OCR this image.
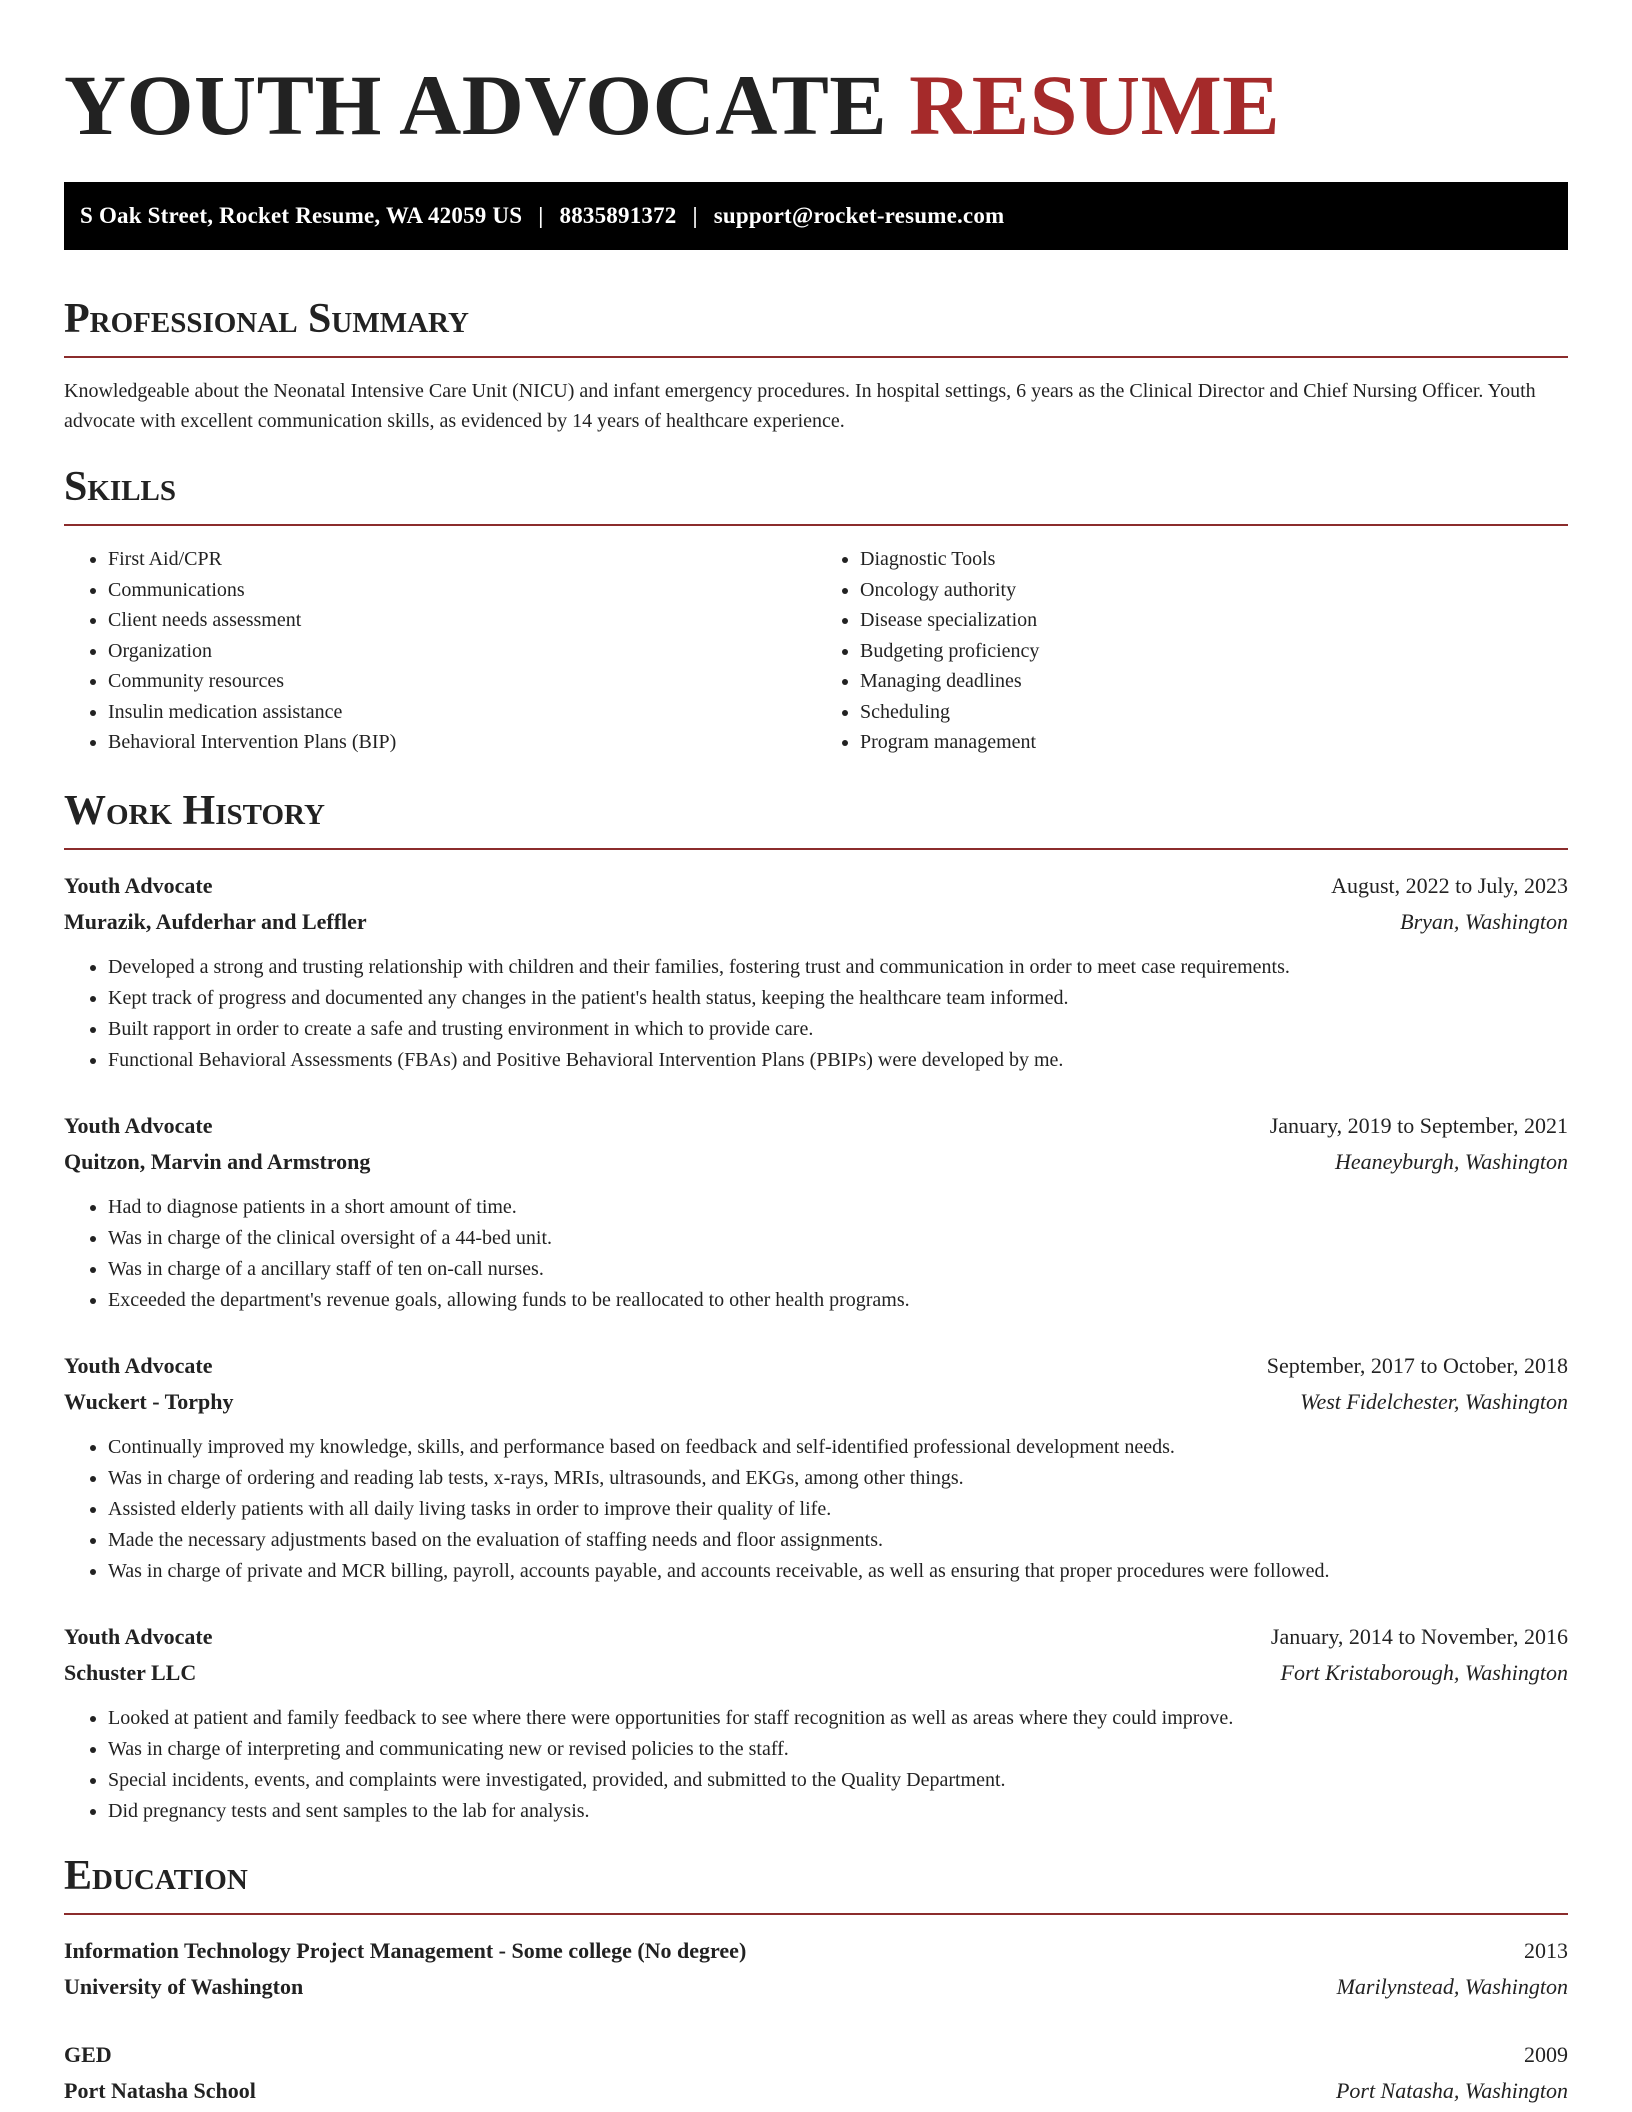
YOUTH ADVOCATE RESUME
S Oak Street, Rocket Resume, WA 42059 US | 8835891372 | support@rocket-resume.com
Professional Summary

Knowledgeable about the Neonatal Intensive Care Unit (NICU) and infant emergency procedures. In hospital settings, 6 years as the Clinical Director and Chief Nursing Officer. Youth advocate with excellent communication skills, as evidenced by 14 years of healthcare experience.

Skills
• First Aid/CPR
• Communications
• Client needs assessment
• Organization
• Community resources
• Insulin medication assistance
• Behavioral Intervention Plans (BIP)
• Diagnostic Tools
• Oncology authority
• Disease specialization
• Budgeting proficiency
• Managing deadlines
• Scheduling
• Program management
Work History
Youth Advocate	August, 2022 to July, 2023
Murazik, Aufderhar and Leffler	Bryan, Washington
• Developed a strong and trusting relationship with children and their families, fostering trust and communication in order to meet case requirements.
• Kept track of progress and documented any changes in the patient's health status, keeping the healthcare team informed.
• Built rapport in order to create a safe and trusting environment in which to provide care.
• Functional Behavioral Assessments (FBAs) and Positive Behavioral Intervention Plans (PBIPs) were developed by me.
Youth Advocate	January, 2019 to September, 2021
Quitzon, Marvin and Armstrong	Heaneyburgh, Washington
• Had to diagnose patients in a short amount of time.
• Was in charge of the clinical oversight of a 44-bed unit.
• Was in charge of a ancillary staff of ten on-call nurses.
• Exceeded the department's revenue goals, allowing funds to be reallocated to other health programs.
Youth Advocate	September, 2017 to October, 2018
Wuckert - Torphy	West Fidelchester, Washington
• Continually improved my knowledge, skills, and performance based on feedback and self-identified professional development needs.
• Was in charge of ordering and reading lab tests, x-rays, MRIs, ultrasounds, and EKGs, among other things.
• Assisted elderly patients with all daily living tasks in order to improve their quality of life.
• Made the necessary adjustments based on the evaluation of staffing needs and floor assignments.
• Was in charge of private and MCR billing, payroll, accounts payable, and accounts receivable, as well as ensuring that proper procedures were followed.
Youth Advocate	January, 2014 to November, 2016
Schuster LLC	Fort Kristaborough, Washington
• Looked at patient and family feedback to see where there were opportunities for staff recognition as well as areas where they could improve.
• Was in charge of interpreting and communicating new or revised policies to the staff.
• Special incidents, events, and complaints were investigated, provided, and submitted to the Quality Department.
• Did pregnancy tests and sent samples to the lab for analysis.
Education
Information Technology Project Management - Some college (No degree)	2013
University of Washington	Marilynstead, Washington
GED	2009
Port Natasha School	Port Natasha, Washington
